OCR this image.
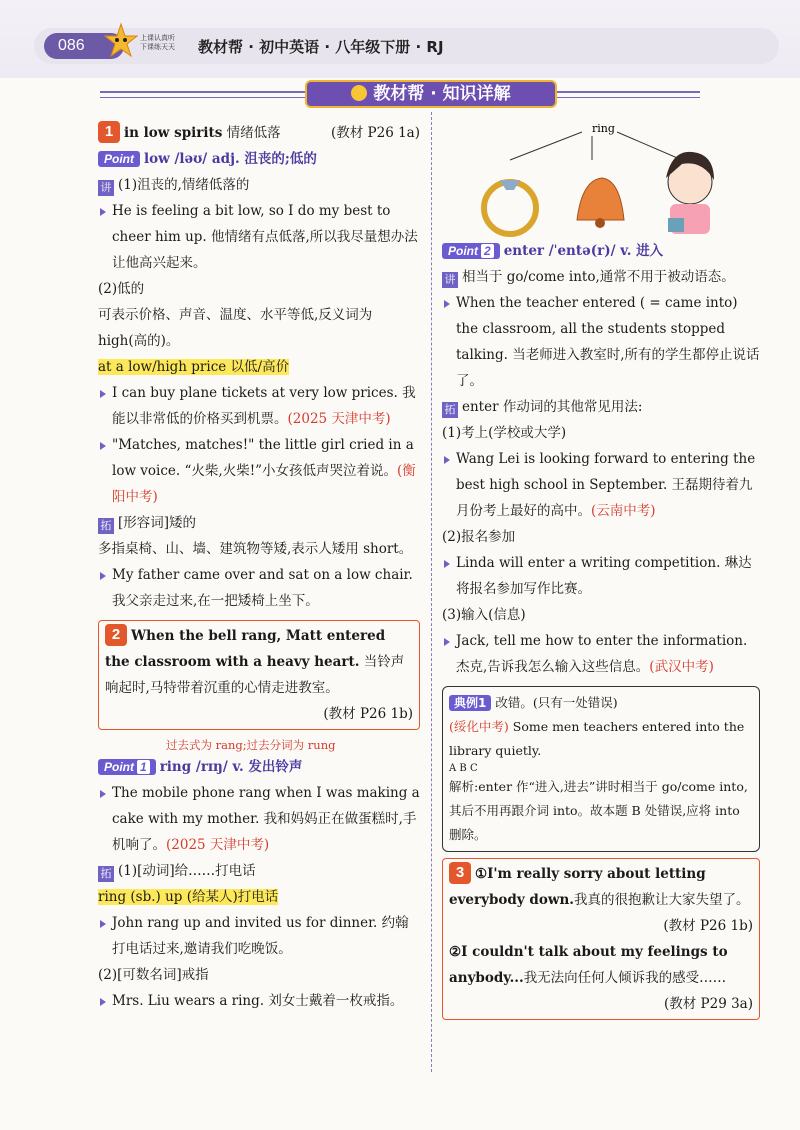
086	上课认真听
下课练天天 教材帮 · 初中英语 · 八年级下册 · RJ
教材帮 · 知识详解
1 in low spirits 情绪低落	(教材 P26 1a)
Point low /ləʊ/ adj. 沮丧的;低的
讲 (1)沮丧的,情绪低落的
He is feeling a bit low, so I do my best to cheer him up. 他情绪有点低落,所以我尽量想办法让他高兴起来。
(2)低的
可表示价格、声音、温度、水平等低,反义词为 high(高的)。
at a low/high price 以低/高价
I can buy plane tickets at very low prices. 我能以非常低的价格买到机票。(2025 天津中考)
"Matches, matches!" the little girl cried in a low voice. “火柴,火柴!”小女孩低声哭泣着说。(衡阳中考)
拓 [形容词]矮的
多指桌椅、山、墙、建筑物等矮,表示人矮用 short。
My father came over and sat on a low chair. 我父亲走过来,在一把矮椅上坐下。
2 When the bell rang, Matt entered the classroom with a heavy heart. 当铃声响起时,马特带着沉重的心情走进教室。
(教材 P26 1b)
过去式为 rang;过去分词为 rung
Point 1 ring /rɪŋ/ v. 发出铃声
The mobile phone rang when I was making a cake with my mother. 我和妈妈正在做蛋糕时,手机响了。(2025 天津中考)
拓 (1)[动词]给……打电话
ring (sb.) up (给某人)打电话
John rang up and invited us for dinner. 约翰打电话过来,邀请我们吃晚饭。
(2)[可数名词]戒指
Mrs. Liu wears a ring. 刘女士戴着一枚戒指。
ring
Point 2 enter /ˈentə(r)/ v. 进入
讲 相当于 go/come into,通常不用于被动语态。
When the teacher entered ( = came into) the classroom, all the students stopped talking. 当老师进入教室时,所有的学生都停止说话了。
拓 enter 作动词的其他常见用法:
(1)考上(学校或大学)
Wang Lei is looking forward to entering the best high school in September. 王磊期待着九月份考上最好的高中。(云南中考)
(2)报名参加
Linda will enter a writing competition. 琳达将报名参加写作比赛。
(3)输入(信息)
Jack, tell me how to enter the information. 杰克,告诉我怎么输入这些信息。(武汉中考)
典例1 改错。(只有一处错误)
(绥化中考) Some men teachers entered into the library quietly.
A B C
解析:enter 作“进入,进去”讲时相当于 go/come into,其后不用再跟介词 into。故本题 B 处错误,应将 into 删除。
3 ①I'm really sorry about letting everybody down.我真的很抱歉让大家失望了。
(教材 P26 1b)
②I couldn't talk about my feelings to anybody...我无法向任何人倾诉我的感受……
(教材 P29 3a)
